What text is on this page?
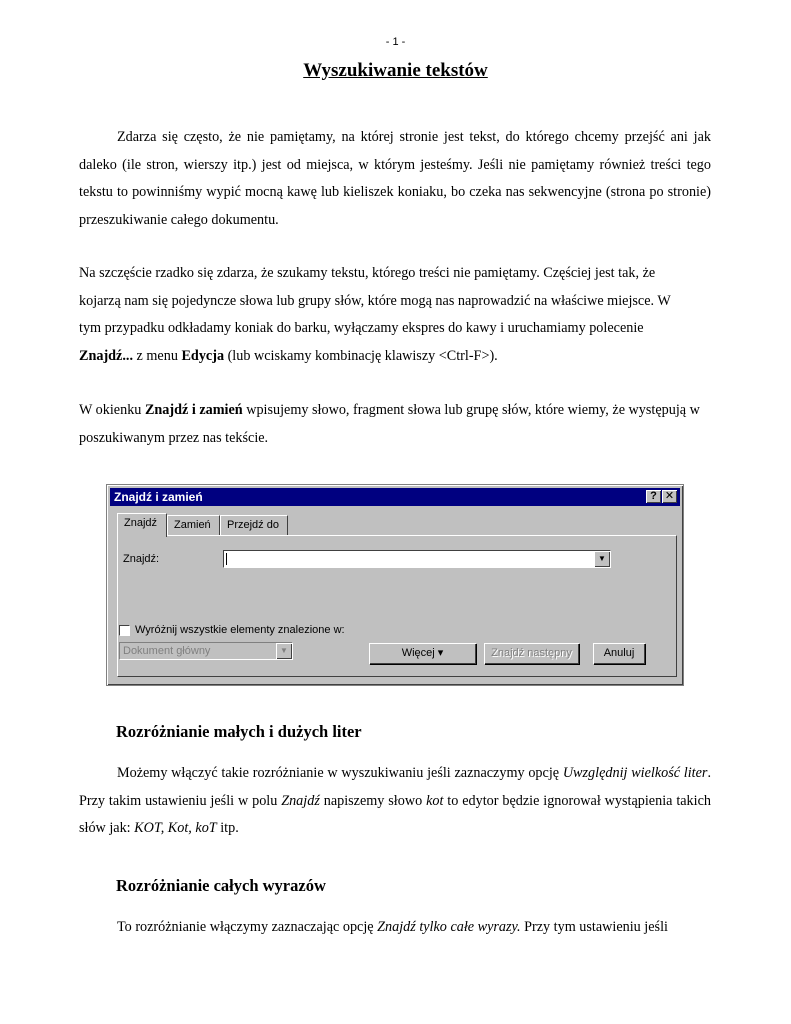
- 1 -
Wyszukiwanie tekstów

Zdarza się często, że nie pamiętamy, na której stronie jest tekst, do którego chcemy przejść ani jak daleko (ile stron, wierszy itp.) jest od miejsca, w którym jesteśmy. Jeśli nie pamiętamy również treści tego tekstu to powinniśmy wypić mocną kawę lub kieliszek koniaku, bo czeka nas sekwencyjne (strona po stronie) przeszukiwanie całego dokumentu.

Na szczęście rzadko się zdarza, że szukamy tekstu, którego treści nie pamiętamy. Częściej jest tak, że kojarzą nam się pojedyncze słowa lub grupy słów, które mogą nas naprowadzić na właściwe miejsce. W tym przypadku odkładamy koniak do barku, wyłączamy ekspres do kawy i uruchamiamy polecenie Znajdź... z menu Edycja (lub wciskamy kombinację klawiszy <Ctrl-F>).

W okienku Znajdź i zamień wpisujemy słowo, fragment słowa lub grupę słów, które wiemy, że występują w poszukiwanym przez nas tekście.

Znajdź i zamień	? ✕
Znajdź	Zamień	Przejdź do
Znajdź:	▼
Wyróżnij wszystkie elementy znalezione w:
Dokument główny	▼	Więcej ▾	Znajdź następny	Anuluj
Rozróżnianie małych i dużych liter

Możemy włączyć takie rozróżnianie w wyszukiwaniu jeśli zaznaczymy opcję Uwzględnij wielkość liter. Przy takim ustawieniu jeśli w polu Znajdź napiszemy słowo kot to edytor będzie ignorował wystąpienia takich słów jak: KOT, Kot, koT itp.

Rozróżnianie całych wyrazów

To rozróżnianie włączymy zaznaczając opcję Znajdź tylko całe wyrazy. Przy tym ustawieniu jeśli
